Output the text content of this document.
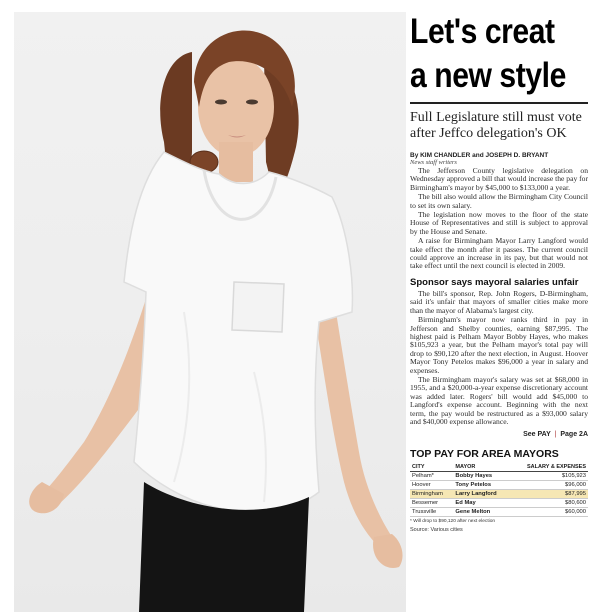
Let's creat
a new style
Full Legislature still must vote after Jeffco delegation's OK
By KIM CHANDLER and JOSEPH D. BRYANT
News staff writers

The Jefferson County legislative delegation on Wednesday approved a bill that would increase the pay for Birmingham's mayor by $45,000 to $133,000 a year.

The bill also would allow the Birmingham City Council to set its own salary.

The legislation now moves to the floor of the state House of Representatives and still is subject to approval by the House and Senate.

A raise for Birmingham Mayor Larry Langford would take effect the month after it passes. The current council could approve an increase in its pay, but that would not take effect until the next council is elected in 2009.

Sponsor says mayoral salaries unfair

The bill's sponsor, Rep. John Rogers, D-Birmingham, said it's unfair that mayors of smaller cities make more than the mayor of Alabama's largest city.

Birmingham's mayor now ranks third in pay in Jefferson and Shelby counties, earning $87,995. The highest paid is Pelham Mayor Bobby Hayes, who makes $105,923 a year, but the Pelham mayor's total pay will drop to $90,120 after the next election, in August. Hoover Mayor Tony Petelos makes $96,000 a year in salary and expenses.

The Birmingham mayor's salary was set at $68,000 in 1955, and a $20,000-a-year expense discretionary account was added later. Rogers' bill would add $45,000 to Langford's expense account. Beginning with the next term, the pay would be restructured as a $93,000 salary and $40,000 expense allowance.

See PAY | Page 2A
TOP PAY FOR AREA MAYORS
CITY	MAYOR	SALARY & EXPENSES
Pelham*	Bobby Hayes	$105,923
Hoover	Tony Petelos	$96,000
Birmingham	Larry Langford	$87,995
Bessemer	Ed May	$80,600
Trussville	Gene Melton	$60,000
* Will drop to $90,120 after next election
Source: Various cities
